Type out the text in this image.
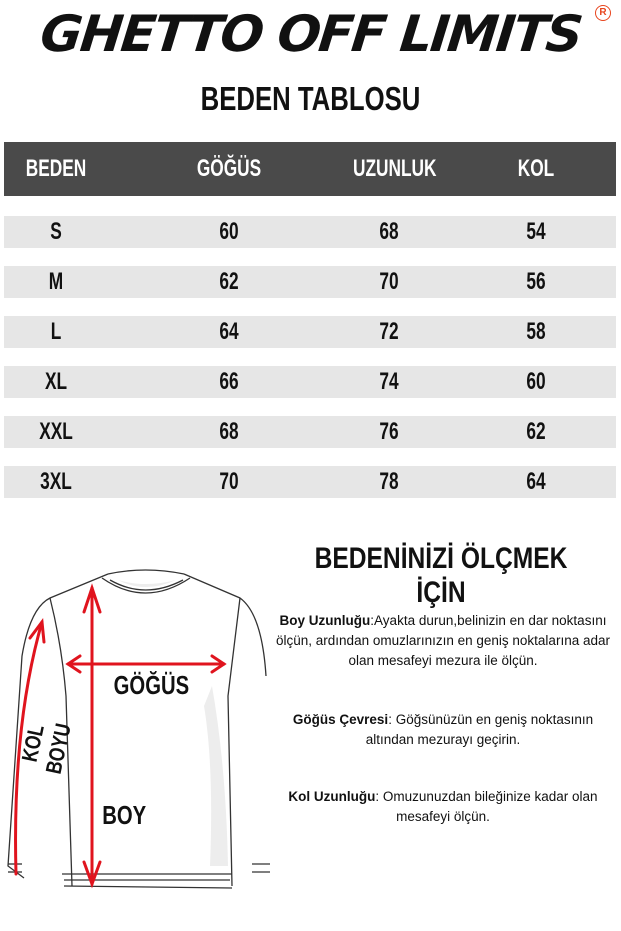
GHETTO OFF LIMITS	R
BEDEN TABLOSU
BEDEN	GÖĞÜS	UZUNLUK	KOL
S	60	68	54
M	62	70	56
L	64	72	58
XL	66	74	60
XXL	68	76	62
3XL	70	78	64
GÖĞÜS
BOY
KOL BOYU
BEDENİNİZİ ÖLÇMEK İÇİN
Boy Uzunluğu:Ayakta durun,belinizin en dar noktasını ölçün, ardından omuzlarınızın en geniş noktalarına adar olan mesafeyi mezura ile ölçün.
Göğüs Çevresi: Göğsünüzün en geniş noktasının altından mezurayı geçirin.
Kol Uzunluğu: Omuzunuzdan bileğinize kadar olan mesafeyi ölçün.
